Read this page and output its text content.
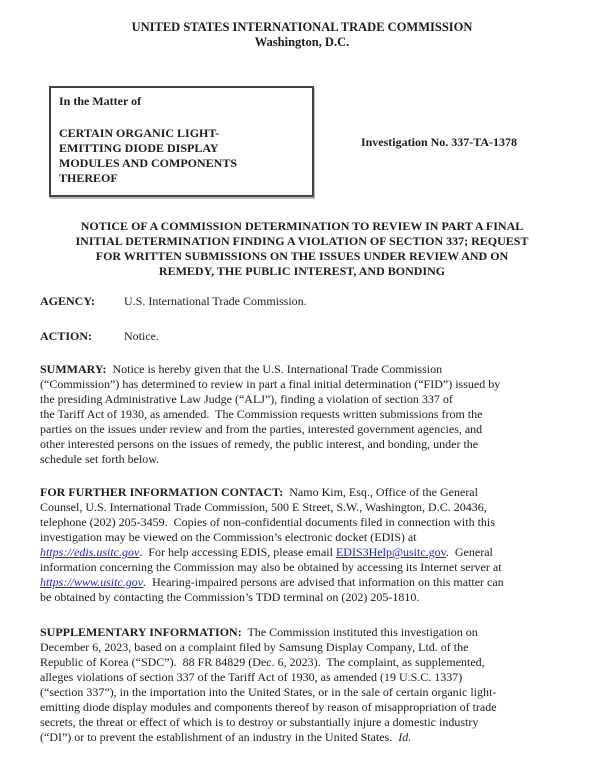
UNITED STATES INTERNATIONAL TRADE COMMISSION
Washington, D.C.
In the Matter of
CERTAIN ORGANIC LIGHT-
EMITTING DIODE DISPLAY
MODULES AND COMPONENTS
THEREOF
Investigation No. 337-TA-1378
NOTICE OF A COMMISSION DETERMINATION TO REVIEW IN PART A FINAL
INITIAL DETERMINATION FINDING A VIOLATION OF SECTION 337; REQUEST
FOR WRITTEN SUBMISSIONS ON THE ISSUES UNDER REVIEW AND ON
REMEDY, THE PUBLIC INTEREST, AND BONDING
AGENCY: U.S. International Trade Commission.
ACTION:	Notice.
SUMMARY:  Notice is hereby given that the U.S. International Trade Commission
(“Commission”) has determined to review in part a final initial determination (“FID”) issued by
the presiding Administrative Law Judge (“ALJ”), finding a violation of section 337 of
the Tariff Act of 1930, as amended.  The Commission requests written submissions from the
parties on the issues under review and from the parties, interested government agencies, and
other interested persons on the issues of remedy, the public interest, and bonding, under the
schedule set forth below.
FOR FURTHER INFORMATION CONTACT:  Namo Kim, Esq., Office of the General
Counsel, U.S. International Trade Commission, 500 E Street, S.W., Washington, D.C. 20436,
telephone (202) 205-3459.  Copies of non-confidential documents filed in connection with this
investigation may be viewed on the Commission’s electronic docket (EDIS) at
https://edis.usitc.gov.  For help accessing EDIS, please email EDIS3Help@usitc.gov.  General
information concerning the Commission may also be obtained by accessing its Internet server at
https://www.usitc.gov.  Hearing-impaired persons are advised that information on this matter can
be obtained by contacting the Commission’s TDD terminal on (202) 205-1810.
SUPPLEMENTARY INFORMATION:  The Commission instituted this investigation on
December 6, 2023, based on a complaint filed by Samsung Display Company, Ltd. of the
Republic of Korea (“SDC”).  88 FR 84829 (Dec. 6, 2023).  The complaint, as supplemented,
alleges violations of section 337 of the Tariff Act of 1930, as amended (19 U.S.C. 1337)
(“section 337”), in the importation into the United States, or in the sale of certain organic light-
emitting diode display modules and components thereof by reason of misappropriation of trade
secrets, the threat or effect of which is to destroy or substantially injure a domestic industry
(“DI”) or to prevent the establishment of an industry in the United States.  Id.
